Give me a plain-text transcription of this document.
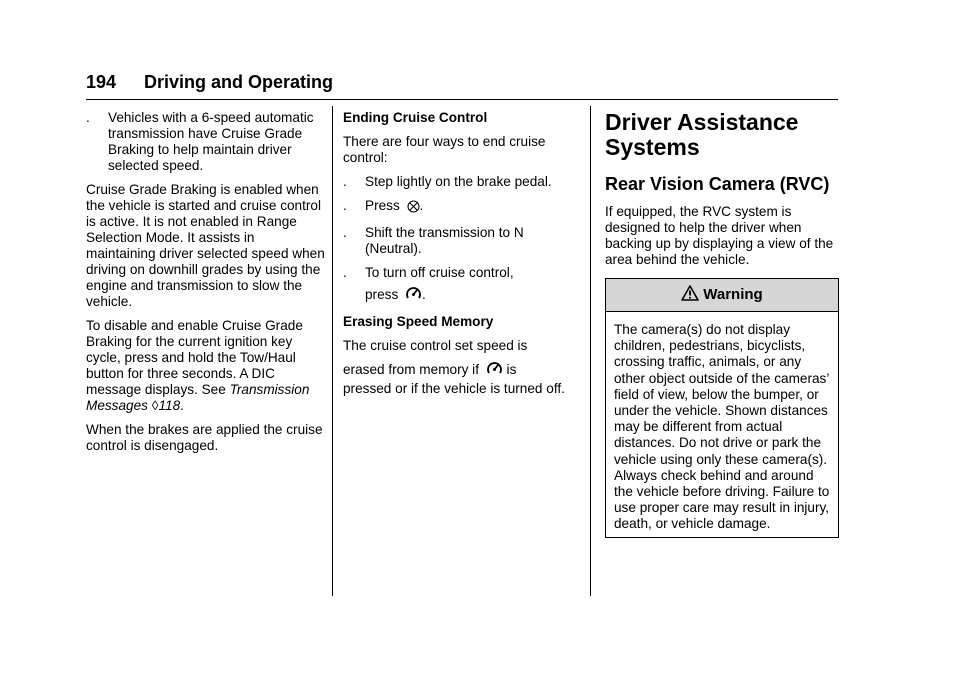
194 Driving and Operating
. Vehicles with a 6-speed automatic transmission have Cruise Grade Braking to help maintain driver selected speed.

Cruise Grade Braking is enabled when the vehicle is started and cruise control is active. It is not enabled in Range Selection Mode. It assists in maintaining driver selected speed when driving on downhill grades by using the engine and transmission to slow the vehicle.

To disable and enable Cruise Grade Braking for the current ignition key cycle, press and hold the Tow/Haul button for three seconds. A DIC message displays. See Transmission Messages ◊118.

When the brakes are applied the cruise control is disengaged.

Ending Cruise Control

There are four ways to end cruise control:

. Step lightly on the brake pedal.
. Press .
. Shift the transmission to N (Neutral).
. To turn off cruise control,
press .
Erasing Speed Memory

The cruise control set speed is
erased from memory if is
pressed or if the vehicle is turned off.

Driver Assistance Systems
Rear Vision Camera (RVC)

If equipped, the RVC system is designed to help the driver when backing up by displaying a view of the area behind the vehicle.

Warning
The camera(s) do not display children, pedestrians, bicyclists, crossing traffic, animals, or any other object outside of the cameras’ field of view, below the bumper, or under the vehicle. Shown distances may be different from actual distances. Do not drive or park the vehicle using only these camera(s). Always check behind and around the vehicle before driving. Failure to use proper care may result in injury, death, or vehicle damage.
